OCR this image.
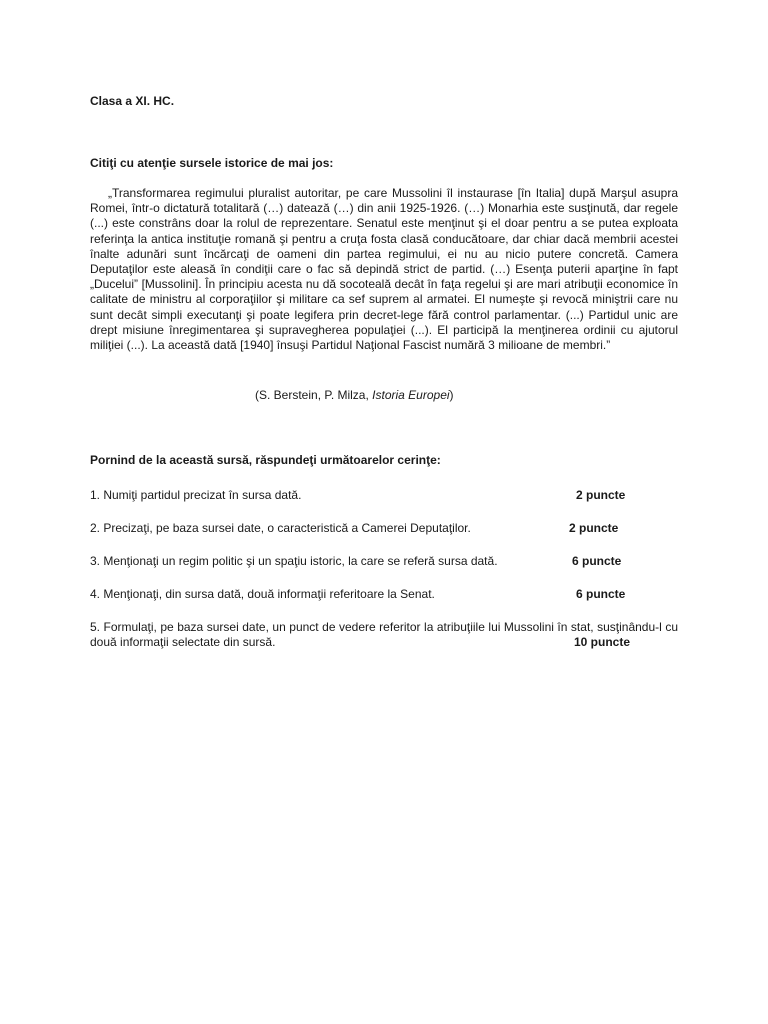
Clasa a XI. HC.
Citiţi cu atenţie sursele istorice de mai jos:

„Transformarea regimului pluralist autoritar, pe care Mussolini îl instaurase [în Italia] după Marşul asupra Romei, într-o dictatură totalitară (…) datează (…) din anii 1925-1926. (…) Monarhia este susţinută, dar regele (...) este constrâns doar la rolul de reprezentare. Senatul este menţinut şi el doar pentru a se putea exploata referinţa la antica instituţie romană şi pentru a cruţa fosta clasă conducătoare, dar chiar dacă membrii acestei înalte adunări sunt încărcaţi de oameni din partea regimului, ei nu au nicio putere concretă. Camera Deputaţilor este aleasă în condiţii care o fac să depindă strict de partid. (…) Esenţa puterii aparţine în fapt „Ducelui” [Mussolini]. În principiu acesta nu dă socoteală decât în faţa regelui şi are mari atribuţii economice în calitate de ministru al corporaţiilor şi militare ca sef suprem al armatei. El numeşte şi revocă miniştrii care nu sunt decât simpli executanţi şi poate legifera prin decret-lege fără control parlamentar. (...) Partidul unic are drept misiune înregimentarea şi supravegherea populaţiei (...). El participă la menţinerea ordinii cu ajutorul miliţiei (...). La această dată [1940] însuşi Partidul Naţional Fascist numără 3 milioane de membri.”

(S. Berstein, P. Milza, Istoria Europei)
Pornind de la această sursă, răspundeţi următoarelor cerinţe:
1. Numiţi partidul precizat în sursa dată.	2 puncte
2. Precizaţi, pe baza sursei date, o caracteristică a Camerei Deputaţilor.	2 puncte
3. Menţionaţi un regim politic şi un spaţiu istoric, la care se referă sursa dată.	6 puncte
4. Menţionaţi, din sursa dată, două informaţii referitoare la Senat.	6 puncte
5. Formulaţi, pe baza sursei date, un punct de vedere referitor la atribuţiile lui Mussolini în stat, susţinându-l cu două informaţii selectate din sursă.	10 puncte
